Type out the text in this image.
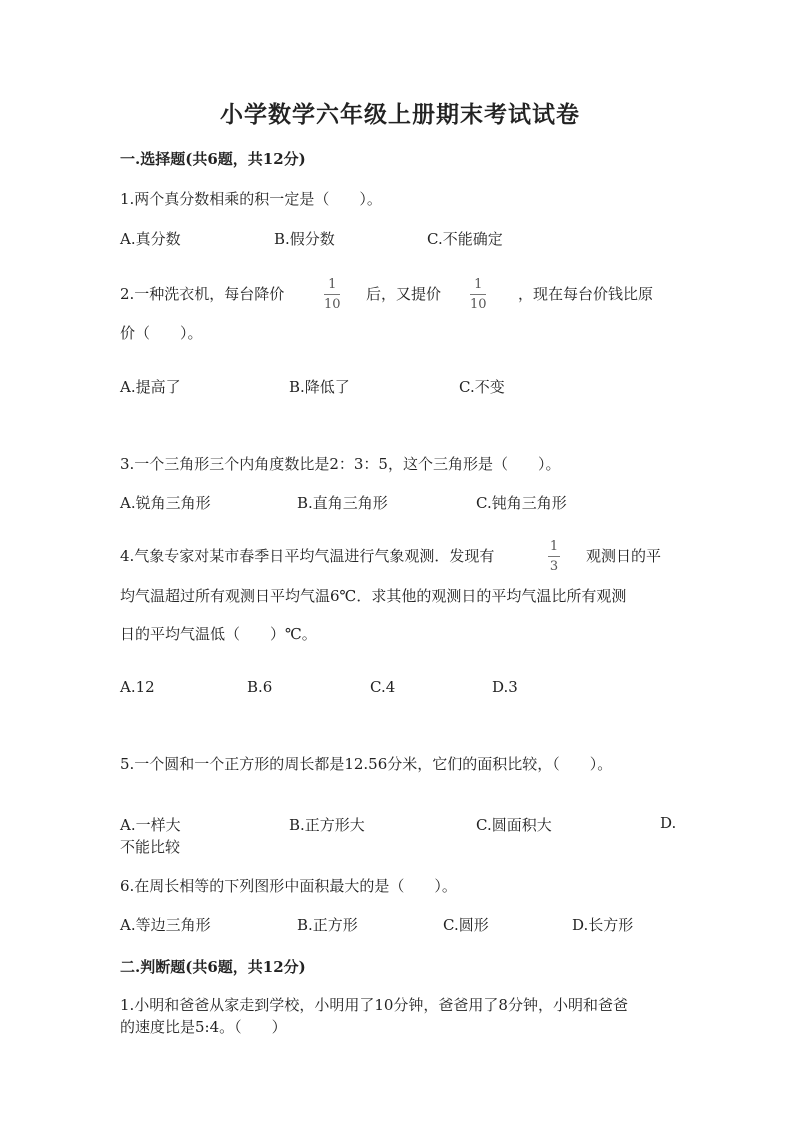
小学数学六年级上册期末考试试卷
一.选择题(共6题，共12分)
1.两个真分数相乘的积一定是（　　）。
A.真分数	B.假分数	C.不能确定
2.一种洗衣机，每台降价
1
10
后，又提价
1
10
，现在每台价钱比原
价（　　）。
A.提高了	B.降低了	C.不变
3.一个三角形三个内角度数比是2：3：5，这个三角形是（　　）。
A.锐角三角形	B.直角三角形	C.钝角三角形
4.气象专家对某市春季日平均气温进行气象观测．发现有
1
3
观测日的平
均气温超过所有观测日平均气温6℃．求其他的观测日的平均气温比所有观测
日的平均气温低（　　）℃。
A.12	B.6	C.4	D.3
5.一个圆和一个正方形的周长都是12.56分米，它们的面积比较，（　　）。
A.一样大	B.正方形大	C.圆面积大	D.
不能比较
6.在周长相等的下列图形中面积最大的是（　　）。
A.等边三角形	B.正方形	C.圆形	D.长方形
二.判断题(共6题，共12分)
1.小明和爸爸从家走到学校，小明用了10分钟，爸爸用了8分钟，小明和爸爸
的速度比是5:4。（　　）
